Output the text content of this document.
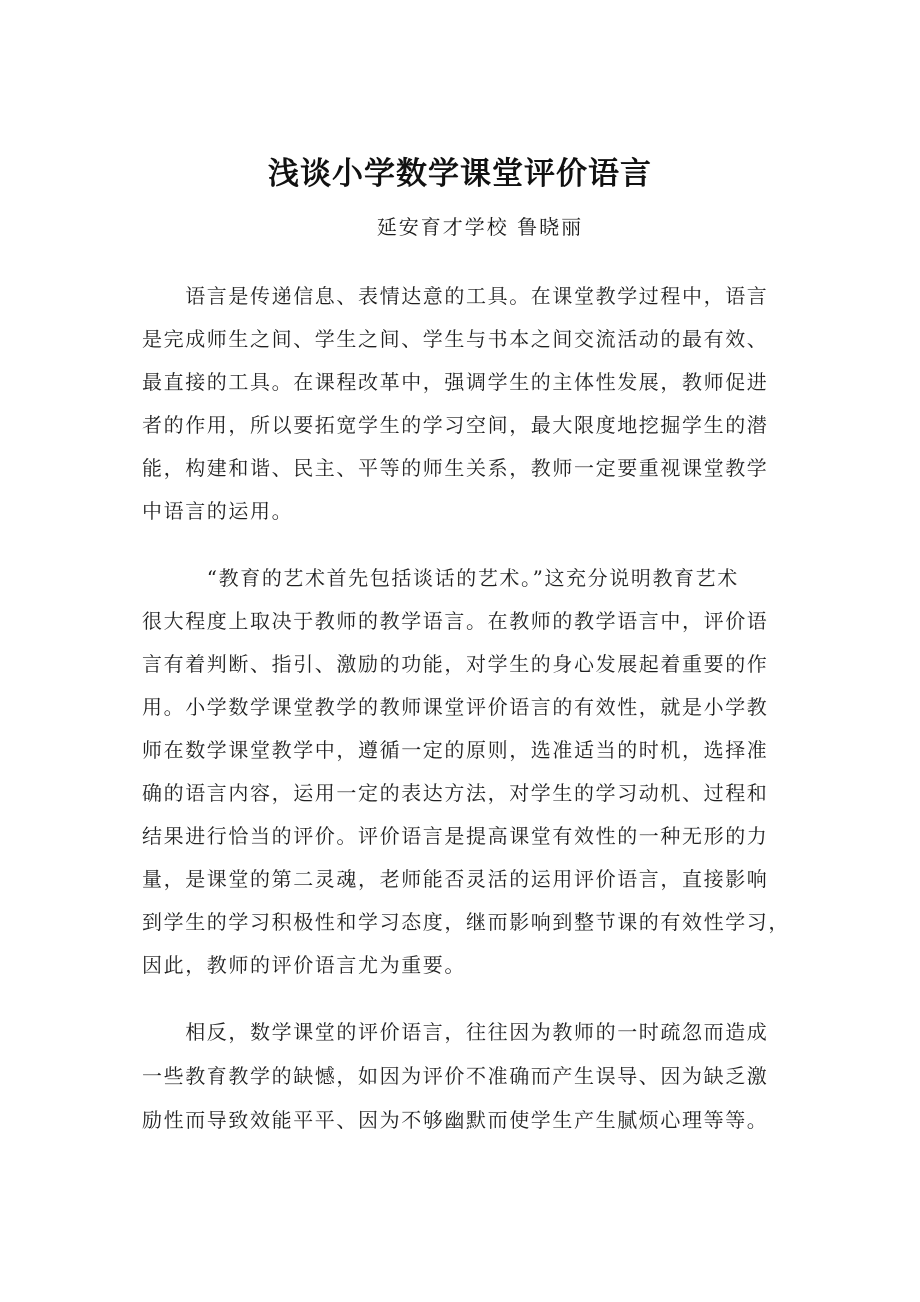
浅谈小学数学课堂评价语言
延安育才学校 鲁晓丽

　　语言是传递信息、表情达意的工具。在课堂教学过程中，语言
是完成师生之间、学生之间、学生与书本之间交流活动的最有效、
最直接的工具。在课程改革中，强调学生的主体性发展，教师促进
者的作用，所以要拓宽学生的学习空间，最大限度地挖掘学生的潜
能，构建和谐、民主、平等的师生关系，教师一定要重视课堂教学
中语言的运用。

　　　“教育的艺术首先包括谈话的艺术。”这充分说明教育艺术
很大程度上取决于教师的教学语言。在教师的教学语言中，评价语
言有着判断、指引、激励的功能，对学生的身心发展起着重要的作
用。小学数学课堂教学的教师课堂评价语言的有效性，就是小学教
师在数学课堂教学中，遵循一定的原则，选准适当的时机，选择准
确的语言内容，运用一定的表达方法，对学生的学习动机、过程和
结果进行恰当的评价。评价语言是提高课堂有效性的一种无形的力
量，是课堂的第二灵魂，老师能否灵活的运用评价语言，直接影响
到学生的学习积极性和学习态度，继而影响到整节课的有效性学习，
因此，教师的评价语言尤为重要。

　　相反，数学课堂的评价语言，往往因为教师的一时疏忽而造成
一些教育教学的缺憾，如因为评价不准确而产生误导、因为缺乏激
励性而导致效能平平、因为不够幽默而使学生产生腻烦心理等等。
